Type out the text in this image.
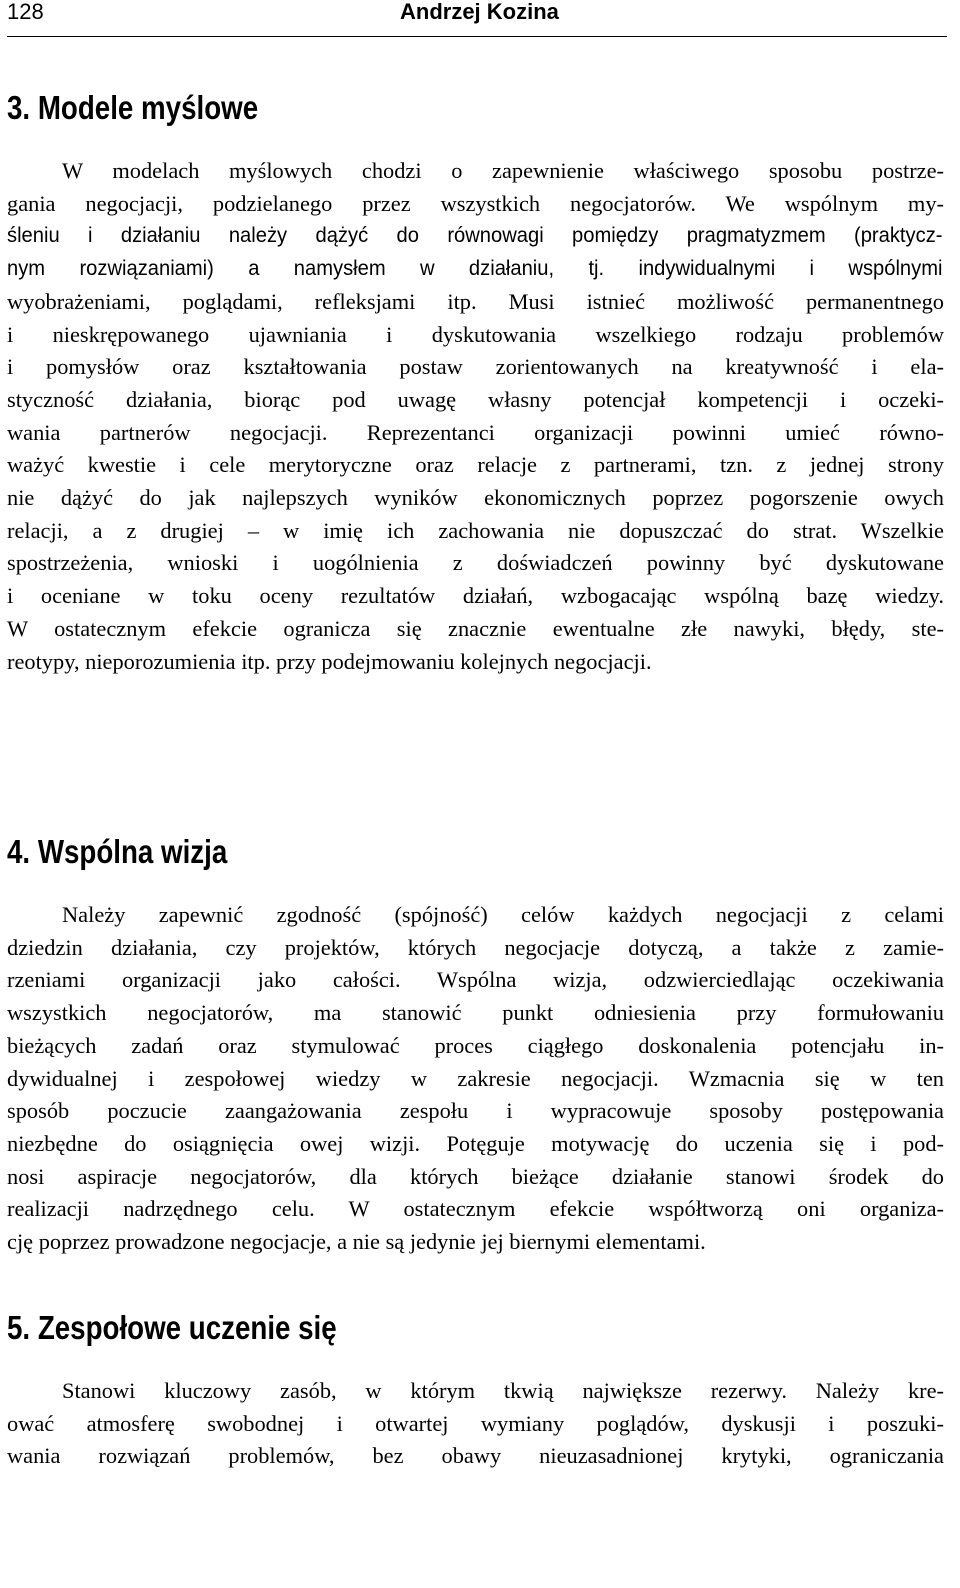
128	Andrzej Kozina
3. Modele myślowe
W modelach myślowych chodzi o zapewnienie właściwego sposobu postrze-
gania negocjacji, podzielanego przez wszystkich negocjatorów. We wspólnym my-
śleniu i działaniu należy dążyć do równowagi pomiędzy pragmatyzmem (praktycz-
nym rozwiązaniami) a namysłem w działaniu, tj. indywidualnymi i wspólnymi
wyobrażeniami, poglądami, refleksjami itp. Musi istnieć możliwość permanentnego
i nieskrępowanego ujawniania i dyskutowania wszelkiego rodzaju problemów
i pomysłów oraz kształtowania postaw zorientowanych na kreatywność i ela-
styczność działania, biorąc pod uwagę własny potencjał kompetencji i oczeki-
wania partnerów negocjacji. Reprezentanci organizacji powinni umieć równo-
ważyć kwestie i cele merytoryczne oraz relacje z partnerami, tzn. z jednej strony
nie dążyć do jak najlepszych wyników ekonomicznych poprzez pogorszenie owych
relacji, a z drugiej – w imię ich zachowania nie dopuszczać do strat. Wszelkie
spostrzeżenia, wnioski i uogólnienia z doświadczeń powinny być dyskutowane
i oceniane w toku oceny rezultatów działań, wzbogacając wspólną bazę wiedzy.
W ostatecznym efekcie ogranicza się znacznie ewentualne złe nawyki, błędy, ste-
reotypy, nieporozumienia itp. przy podejmowaniu kolejnych negocjacji.
4. Wspólna wizja
Należy zapewnić zgodność (spójność) celów każdych negocjacji z celami
dziedzin działania, czy projektów, których negocjacje dotyczą, a także z zamie-
rzeniami organizacji jako całości. Wspólna wizja, odzwierciedlając oczekiwania
wszystkich negocjatorów, ma stanowić punkt odniesienia przy formułowaniu
bieżących zadań oraz stymulować proces ciągłego doskonalenia potencjału in-
dywidualnej i zespołowej wiedzy w zakresie negocjacji. Wzmacnia się w ten
sposób poczucie zaangażowania zespołu i wypracowuje sposoby postępowania
niezbędne do osiągnięcia owej wizji. Potęguje motywację do uczenia się i pod-
nosi aspiracje negocjatorów, dla których bieżące działanie stanowi środek do
realizacji nadrzędnego celu. W ostatecznym efekcie współtworzą oni organiza-
cję poprzez prowadzone negocjacje, a nie są jedynie jej biernymi elementami.
5. Zespołowe uczenie się
Stanowi kluczowy zasób, w którym tkwią największe rezerwy. Należy kre-
ować atmosferę swobodnej i otwartej wymiany poglądów, dyskusji i poszuki-
wania rozwiązań problemów, bez obawy nieuzasadnionej krytyki, ograniczania
